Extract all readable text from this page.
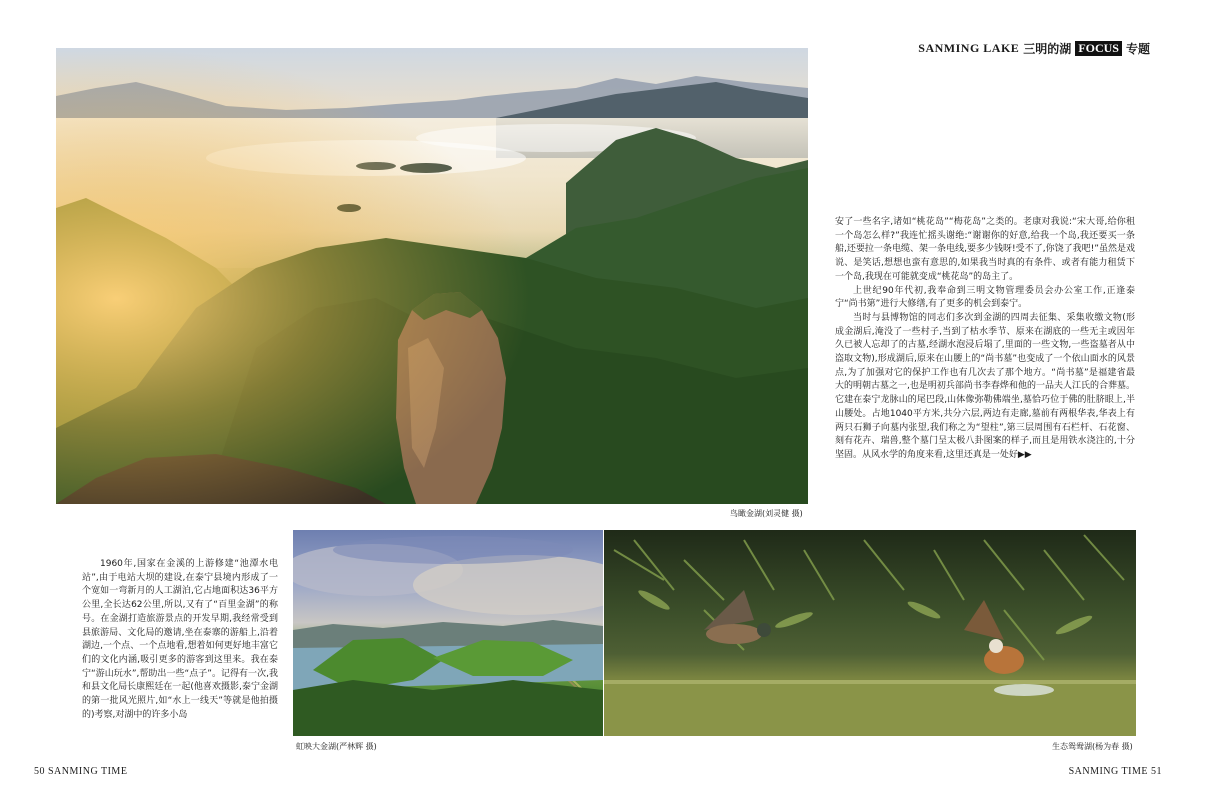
SANMING LAKE 三明的湖 FOCUS 专题
鸟瞰金湖(刘灵健 摄)

安了一些名字,诸如“桃花岛”“梅花岛”之类的。老康对我说:“宋大哥,给你租一个岛怎么样?”我连忙摇头谢绝:“谢谢你的好意,给我一个岛,我还要买一条船,还要拉一条电缆、架一条电线,要多少钱呀!受不了,你饶了我吧!”虽然是戏说、是笑话,想想也蛮有意思的,如果我当时真的有条件、或者有能力租赁下一个岛,我现在可能就变成“桃花岛”的岛主了。

上世纪90年代初,我奉命到三明文物管理委员会办公室工作,正逢泰宁“尚书第”进行大修缮,有了更多的机会到泰宁。

当时与县博物馆的同志们多次到金湖的四周去征集、采集收缴文物(形成金湖后,淹没了一些村子,当到了枯水季节、原来在湖底的一些无主或因年久已被人忘却了的古墓,经湖水泡浸后塌了,里面的一些文物,一些盗墓者从中盗取文物),形成湖后,原来在山腰上的“尚书墓”也变成了一个依山面水的风景点,为了加强对它的保护工作也有几次去了那个地方。“尚书墓”是福建省最大的明朝古墓之一,也是明初兵部尚书李春烨和他的一品夫人江氏的合葬墓。它建在泰宁龙脉山的尾巴段,山体像弥勒佛端坐,墓恰巧位于佛的肚脐眼上,半山腰处。占地1040平方米,共分六层,两边有走廊,墓前有两根华表,华表上有两只石狮子向墓内张望,我们称之为“望柱”,第三层周围有石栏杆、石花窗、刻有花卉、瑞兽,整个墓门呈太极八卦图案的样子,而且是用铁水浇注的,十分坚固。从风水学的角度来看,这里还真是一处好▶▶

1960年,国家在金溪的上游修建“池潭水电站”,由于电站大坝的建设,在泰宁县境内形成了一个宽如一弯新月的人工湖泊,它占地面积达36平方公里,全长达62公里,所以,又有了“百里金湖”的称号。在金湖打造旅游景点的开发早期,我经常受到县旅游局、文化局的邀请,坐在泰寨的游船上,沿着湖边,一个点、一个点地看,想着如何更好地丰富它们的文化内涵,吸引更多的游客到这里来。我在泰宁“游山玩水”,帮助出一些“点子”。记得有一次,我和县文化局长康熙廷在一起(他喜欢摄影,泰宁金湖的第一批风光照片,如“水上一线天”等就是他拍摄的)考察,对湖中的许多小岛

虹映大金湖(严林辉 摄)	生态鸳鸯湖(杨为春 摄)
50 SANMING TIME	SANMING TIME 51
